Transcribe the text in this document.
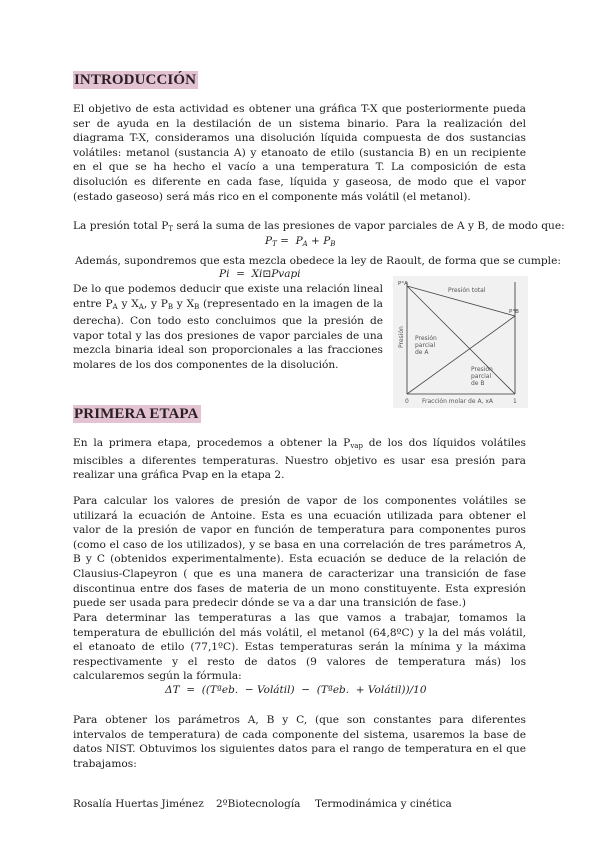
INTRODUCCIÓN
El objetivo de esta actividad es obtener una gráfica T-X que posteriormente pueda ser de ayuda en la destilación de un sistema binario. Para la realización del diagrama T-X, consideramos una disolución líquida compuesta de dos sustancias volátiles: metanol (sustancia A) y etanoato de etilo (sustancia B) en un recipiente en el que se ha hecho el vacío a una temperatura T. La composición de esta disolución es diferente en cada fase, líquida y gaseosa, de modo que el vapor (estado gaseoso) será más rico en el componente más volátil (el metanol).
La presión total $P_T$ será la suma de las presiones de vapor parciales de A y B, de modo que:
$P_T = P_A + P_B$
Además, supondremos que esta mezcla obedece la ley de Raoult, de forma que se cumple:
Pi  =  Xi⊡Pvapi
De lo que podemos deducir que existe una relación lineal entre $P_A$ y $X_A$, y $P_B$ y $X_B$ (representado en la imagen de la derecha). Con todo esto concluimos que la presión de vapor total y las dos presiones de vapor parciales de una mezcla binaria ideal son proporcionales a las fracciones molares de los dos componentes de la disolución.
P°A
P°B
Presión total
Presión
parcial
de A
Presión
parcial
de B
Presión
Fracción molar de A, xA
0	1
PRIMERA ETAPA
En la primera etapa, procedemos a obtener la $P_{vap}$ de los dos líquidos volátiles miscibles a diferentes temperaturas. Nuestro objetivo es usar esa presión para realizar una gráfica Pvap en la etapa 2.
Para calcular los valores de presión de vapor de los componentes volátiles se utilizará la ecuación de Antoine. Esta es una ecuación utilizada para obtener el valor de la presión de vapor en función de temperatura para componentes puros (como el caso de los utilizados), y se basa en una correlación de tres parámetros A, B y C (obtenidos experimentalmente). Esta ecuación se deduce de la relación de Clausius-Clapeyron ( que es una manera de caracterizar una transición de fase discontinua entre dos fases de materia de un mono constituyente. Esta expresión puede ser usada para predecir dónde se va a dar una transición de fase.)
Para determinar las temperaturas a las que vamos a trabajar, tomamos la temperatura de ebullición del más volátil, el metanol (64,8ºC) y la del más volátil, el etanoato de etilo (77,1ºC). Estas temperaturas serán la mínima y la máxima respectivamente y el resto de datos (9 valores de temperatura más) los calcularemos según la fórmula:
ΔT  =  ((Tªeb.  − Volátil)  −  (Tªeb.  + Volátil))/10
Para obtener los parámetros A, B y C, (que son constantes para diferentes intervalos de temperatura) de cada componente del sistema, usaremos la base de datos NIST. Obtuvimos los siguientes datos para el rango de temperatura en el que trabajamos:
Rosalía Huertas Jiménez 2ºBiotecnología Termodinámica y cinética
